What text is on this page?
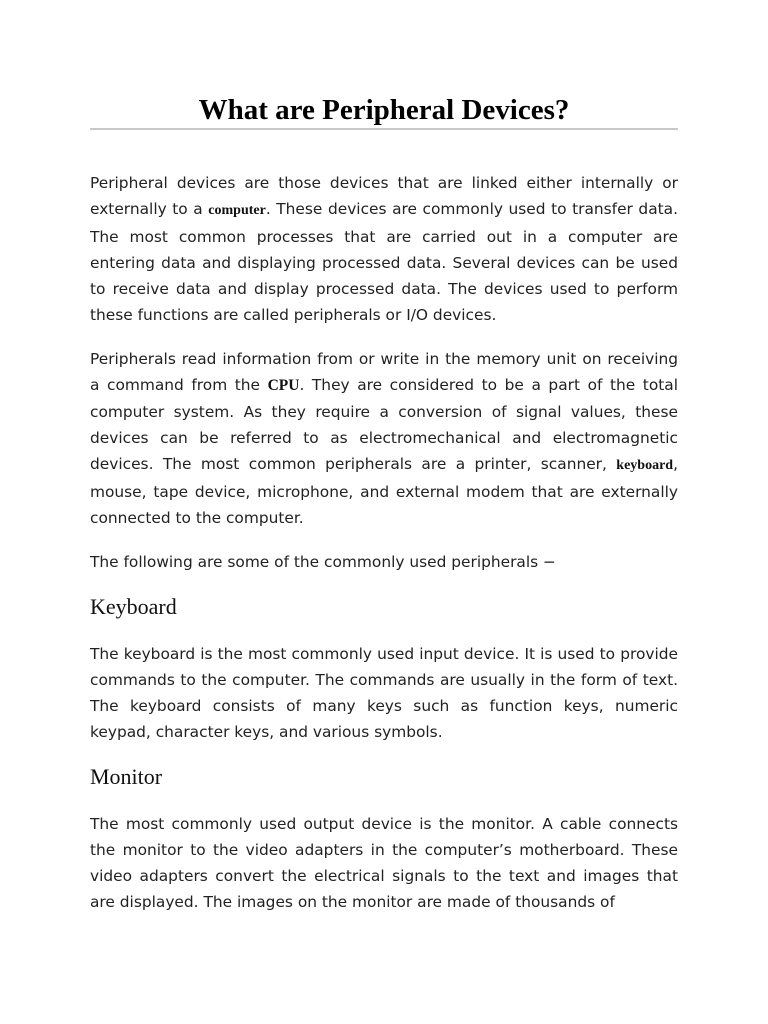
What are Peripheral Devices?

Peripheral devices are those devices that are linked either internally or externally to a computer. These devices are commonly used to transfer data. The most common processes that are carried out in a computer are entering data and displaying processed data. Several devices can be used to receive data and display processed data. The devices used to perform these functions are called peripherals or I/O devices.

Peripherals read information from or write in the memory unit on receiving a command from the CPU. They are considered to be a part of the total computer system. As they require a conversion of signal values, these devices can be referred to as electromechanical and electromagnetic devices. The most common peripherals are a printer, scanner, keyboard, mouse, tape device, microphone, and external modem that are externally connected to the computer.

The following are some of the commonly used peripherals −

Keyboard

The keyboard is the most commonly used input device. It is used to provide commands to the computer. The commands are usually in the form of text. The keyboard consists of many keys such as function keys, numeric keypad, character keys, and various symbols.

Monitor

The most commonly used output device is the monitor. A cable connects the monitor to the video adapters in the computer’s motherboard. These video adapters convert the electrical signals to the text and images that are displayed. The images on the monitor are made of thousands of
